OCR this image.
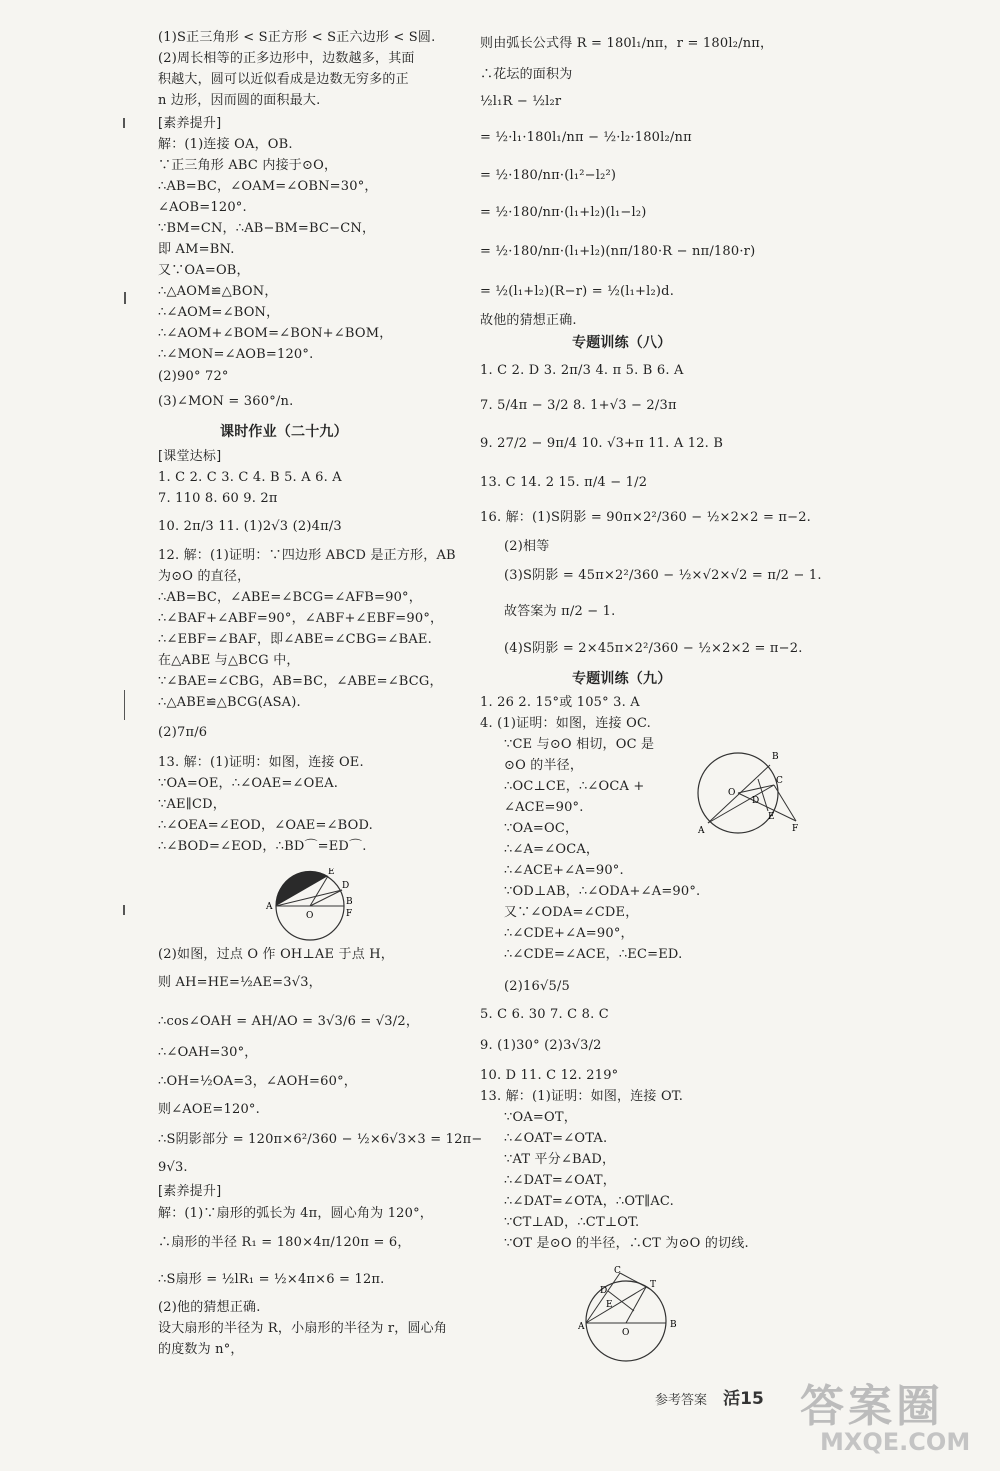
(1)S正三角形 < S正方形 < S正六边形 < S圆.
(2)周长相等的正多边形中，边数越多，其面
积越大，圆可以近似看成是边数无穷多的正
n 边形，因而圆的面积最大.
[素养提升]
解：(1)连接 OA，OB.
∵正三角形 ABC 内接于⊙O，
∴AB=BC，∠OAM=∠OBN=30°，
∠AOB=120°.
∵BM=CN，∴AB−BM=BC−CN，
即 AM=BN.
又∵OA=OB，
∴△AOM≌△BON，
∴∠AOM=∠BON，
∴∠AOM+∠BOM=∠BON+∠BOM，
∴∠MON=∠AOB=120°.
(2)90° 72°
(3)∠MON = 360°/n.
课时作业（二十九）
[课堂达标]
1. C 2. C 3. C 4. B 5. A 6. A
7. 110 8. 60 9. 2π
10. 2π/3 11. (1)2√3 (2)4π/3
12. 解：(1)证明：∵四边形 ABCD 是正方形，AB
为⊙O 的直径，
∴AB=BC，∠ABE=∠BCG=∠AFB=90°，
∴∠BAF+∠ABF=90°，∠ABF+∠EBF=90°，
∴∠EBF=∠BAF，即∠ABE=∠CBG=∠BAE.
在△ABE 与△BCG 中，
∵∠BAE=∠CBG，AB=BC，∠ABE=∠BCG，
∴△ABE≌△BCG(ASA).
(2)7π/6
13. 解：(1)证明：如图，连接 OE.
∵OA=OE，∴∠OAE=∠OEA.
∵AE∥CD，
∴∠OEA=∠EOD，∠OAE=∠BOD.
∴∠BOD=∠EOD，∴BD⌒=ED⌒.
(2)如图，过点 O 作 OH⊥AE 于点 H，
则 AH=HE=½AE=3√3，
∴cos∠OAH = AH/AO = 3√3/6 = √3/2，
∴∠OAH=30°，
∴OH=½OA=3，∠AOH=60°，
则∠AOE=120°.
∴S阴影部分 = 120π×6²/360 − ½×6√3×3 = 12π−
9√3.
[素养提升]
解：(1)∵扇形的弧长为 4π，圆心角为 120°，
∴扇形的半径 R₁ = 180×4π/120π = 6，
∴S扇形 = ½lR₁ = ½×4π×6 = 12π.
(2)他的猜想正确.
设大扇形的半径为 R，小扇形的半径为 r，圆心角
的度数为 n°，
则由弧长公式得 R = 180l₁/nπ，r = 180l₂/nπ，
∴花坛的面积为
½l₁R − ½l₂r
= ½·l₁·180l₁/nπ − ½·l₂·180l₂/nπ
= ½·180/nπ·(l₁²−l₂²)
= ½·180/nπ·(l₁+l₂)(l₁−l₂)
= ½·180/nπ·(l₁+l₂)(nπ/180·R − nπ/180·r)
= ½(l₁+l₂)(R−r) = ½(l₁+l₂)d.
故他的猜想正确.
专题训练（八）
1. C 2. D 3. 2π/3 4. π 5. B 6. A
7. 5/4π − 3/2 8. 1+√3 − 2/3π
9. 27/2 − 9π/4 10. √3+π 11. A 12. B
13. C 14. 2 15. π/4 − 1/2
16. 解：(1)S阴影 = 90π×2²/360 − ½×2×2 = π−2.
(2)相等
(3)S阴影 = 45π×2²/360 − ½×√2×√2 = π/2 − 1.
故答案为 π/2 − 1.
(4)S阴影 = 2×45π×2²/360 − ½×2×2 = π−2.
专题训练（九）
1. 26 2. 15°或 105° 3. A
4. (1)证明：如图，连接 OC.
∵CE 与⊙O 相切，OC 是
⊙O 的半径，
∴OC⊥CE，∴∠OCA +
∠ACE=90°.
∵OA=OC，
∴∠A=∠OCA，
∴∠ACE+∠A=90°.
∵OD⊥AB，∴∠ODA+∠A=90°.
又∵∠ODA=∠CDE，
∴∠CDE+∠A=90°，
∴∠CDE=∠ACE，∴EC=ED.
(2)16√5/5
5. C 6. 30 7. C 8. C
9. (1)30° (2)3√3/2
10. D 11. C 12. 219°
13. 解：(1)证明：如图，连接 OT.
∵OA=OT，
∴∠OAT=∠OTA.
∵AT 平分∠BAD，
∴∠DAT=∠OAT，
∴∠DAT=∠OTA，∴OT∥AC.
∵CT⊥AD，∴CT⊥OT.
∵OT 是⊙O 的半径，∴CT 为⊙O 的切线.
A	B
D
E
O	F
B
C
O
D
E
F
A
C
D
T
E
A
O
B
参考答案 活15 答案圈
MXQE.COM
